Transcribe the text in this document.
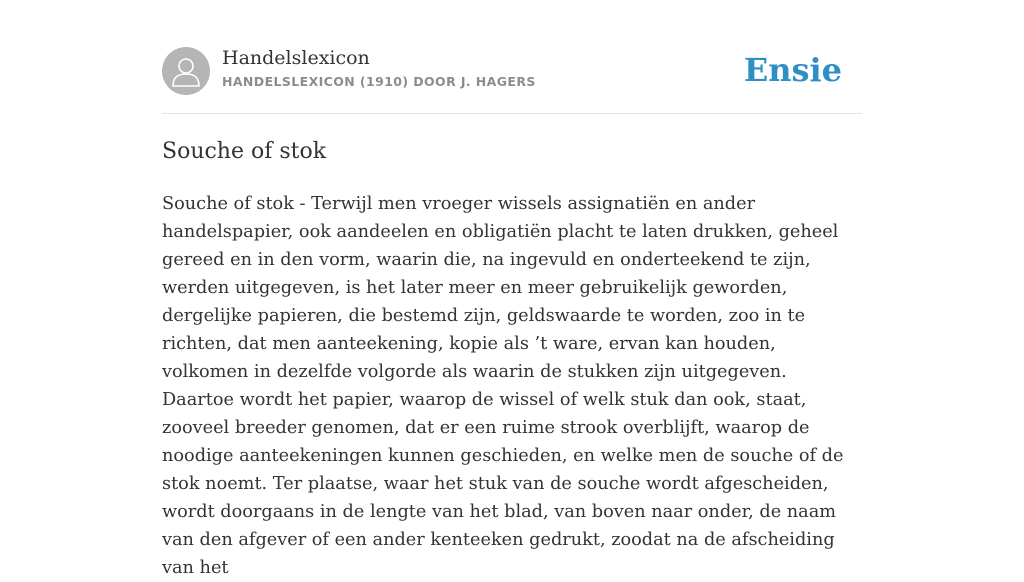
Handelslexicon
HANDELSLEXICON (1910) DOOR J. HAGERS	Ensie
Souche of stok

Souche of stok - Terwijl men vroeger wissels assignatiën en ander handelspapier, ook aandeelen en obligatiën placht te laten drukken, geheel gereed en in den vorm, waarin die, na ingevuld en onderteekend te zijn, werden uitgegeven, is het later meer en meer gebruikelijk geworden, dergelijke papieren, die bestemd zijn, geldswaarde te worden, zoo in te richten, dat men aanteekening, kopie als ’t ware, ervan kan houden, volkomen in dezelfde volgorde als waarin de stukken zijn uitgegeven. Daartoe wordt het papier, waarop de wissel of welk stuk dan ook, staat, zooveel breeder genomen, dat er een ruime strook overblijft, waarop de noodige aanteekeningen kunnen geschieden, en welke men de souche of de stok noemt. Ter plaatse, waar het stuk van de souche wordt afgescheiden, wordt doorgaans in de lengte van het blad, van boven naar onder, de naam van den afgever of een ander kenteeken gedrukt, zoodat na de afscheiding van het
